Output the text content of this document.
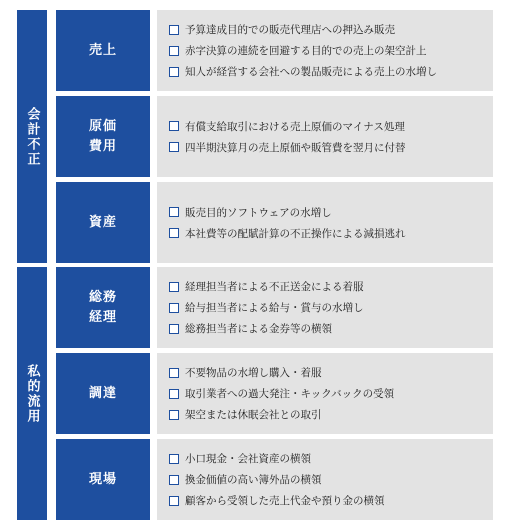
会計不正
私的流用
売上
予算達成目的での販売代理店への押込み販売
赤字決算の連続を回避する目的での売上の架空計上
知人が経営する会社への製品販売による売上の水増し
原価
費用
有償支給取引における売上原価のマイナス処理
四半期決算月の売上原価や販管費を翌月に付替
資産
販売目的ソフトウェアの水増し
本社費等の配賦計算の不正操作による減損逃れ
総務
経理
経理担当者による不正送金による着服
給与担当者による給与・賞与の水増し
総務担当者による金券等の横領
調達
不要物品の水増し購入・着服
取引業者への過大発注・キックバックの受領
架空または休眠会社との取引
現場
小口現金・会社資産の横領
換金価値の高い簿外品の横領
顧客から受領した売上代金や預り金の横領
